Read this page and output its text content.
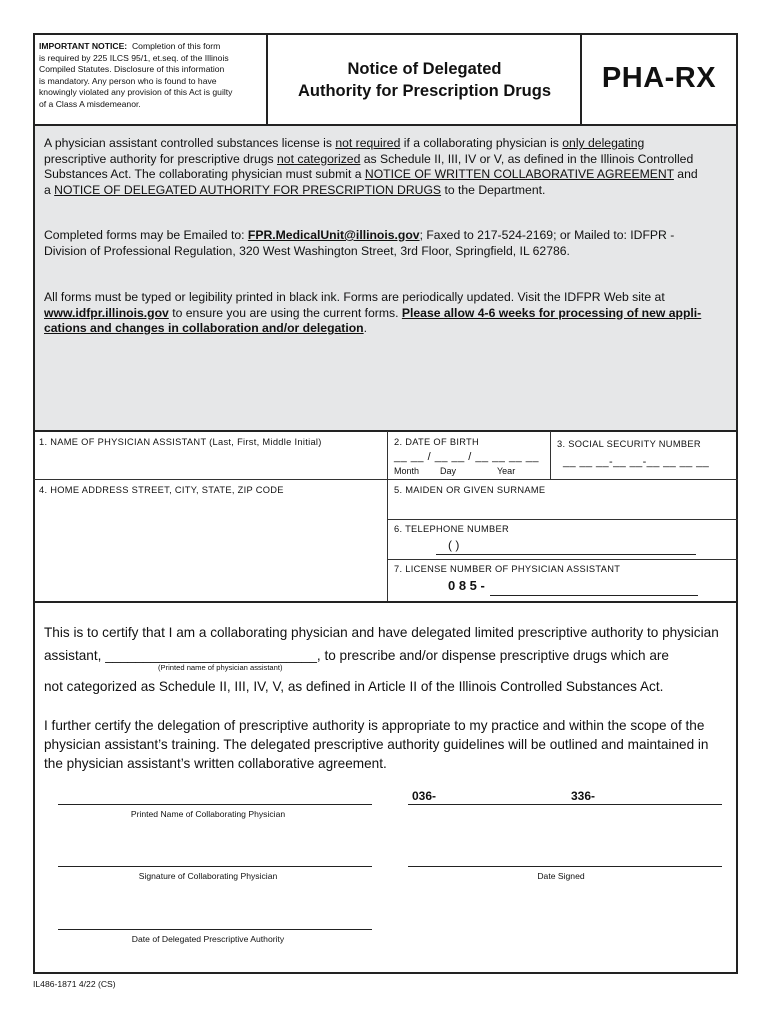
IMPORTANT NOTICE: Completion of this form
is required by 225 ILCS 95/1, et.seq. of the Illinois
Compiled Statutes. Disclosure of this information
is mandatory. Any person who is found to have
knowingly violated any provision of this Act is guilty
of a Class A misdemeanor.
Notice of Delegated
Authority for Prescription Drugs	PHA-RX
A physician assistant controlled substances license is not required if a collaborating physician is only delegating
prescriptive authority for prescriptive drugs not categorized as Schedule II, III, IV or V, as defined in the Illinois Controlled
Substances Act. The collaborating physician must submit a NOTICE OF WRITTEN COLLABORATIVE AGREEMENT and
a NOTICE OF DELEGATED AUTHORITY FOR PRESCRIPTION DRUGS to the Department.
Completed forms may be Emailed to: FPR.MedicalUnit@illinois.gov; Faxed to 217-524-2169; or Mailed to: IDFPR -
Division of Professional Regulation, 320 West Washington Street, 3rd Floor, Springfield, IL 62786.
All forms must be typed or legibility printed in black ink. Forms are periodically updated. Visit the IDFPR Web site at
www.idfpr.illinois.gov to ensure you are using the current forms. Please allow 4-6 weeks for processing of new appli-
cations and changes in collaboration and/or delegation.
1. NAME OF PHYSICIAN ASSISTANT (Last, First, Middle Initial)	2. DATE OF BIRTH
__ __ / __ __ / __ __ __ __
Month Day	Year
3. SOCIAL SECURITY NUMBER
__ __ __-__ __-__ __ __ __
4. HOME ADDRESS STREET, CITY, STATE, ZIP CODE	5. MAIDEN OR GIVEN SURNAME
6. TELEPHONE NUMBER
( )
7. LICENSE NUMBER OF PHYSICIAN ASSISTANT
0 8 5 -
This is to certify that I am a collaborating physician and have delegated limited prescriptive authority to physician
assistant, ____________________________, to prescribe and/or dispense prescriptive drugs which are
(Printed name of physician assistant)
not categorized as Schedule II, III, IV, V, as defined in Article II of the Illinois Controlled Substances Act.
I further certify the delegation of prescriptive authority is appropriate to my practice and within the scope of the
physician assistant’s training. The delegated prescriptive authority guidelines will be outlined and maintained in
the physician assistant’s written collaborative agreement.
Printed Name of Collaborating Physician
036-	336-
Signature of Collaborating Physician	Date Signed
Date of Delegated Prescriptive Authority
IL486-1871 4/22 (CS)
